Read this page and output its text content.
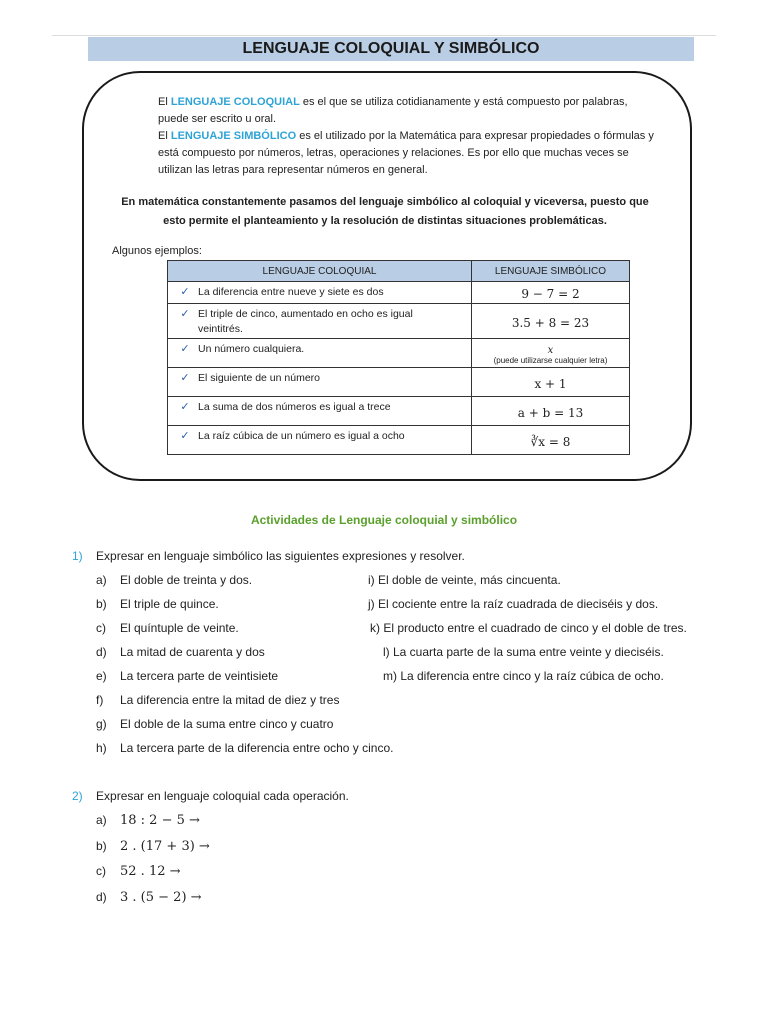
LENGUAJE COLOQUIAL Y SIMBÓLICO

El LENGUAJE COLOQUIAL es el que se utiliza cotidianamente y está compuesto por palabras, puede ser escrito u oral.

El LENGUAJE SIMBÓLICO es el utilizado por la Matemática para expresar propiedades o fórmulas y está compuesto por números, letras, operaciones y relaciones. Es por ello que muchas veces se utilizan las letras para representar números en general.

En matemática constantemente pasamos del lenguaje simbólico al coloquial y viceversa, puesto que esto permite el planteamiento y la resolución de distintas situaciones problemáticas.
Algunos ejemplos:
LENGUAJE COLOQUIAL	LENGUAJE SIMBÓLICO
✓ La diferencia entre nueve y siete es dos	9 − 7 = 2
✓ El triple de cinco, aumentado en ocho es igual veintitrés.	3.5 + 8 = 23
✓ Un número cualquiera.	x
(puede utilizarse cualquier letra)

✓ El siguiente de un número	x + 1
✓ La suma de dos números es igual a trece	a + b = 13
✓ La raíz cúbica de un número es igual a ocho	∛x = 8
Actividades de Lenguaje coloquial y simbólico
1) Expresar en lenguaje simbólico las siguientes expresiones y resolver.
a) El doble de treinta y dos.
b) El triple de quince.
c) El quíntuple de veinte.
d) La mitad de cuarenta y dos
e) La tercera parte de veintisiete
f) La diferencia entre la mitad de diez y tres
g) El doble de la suma entre cinco y cuatro
h) La tercera parte de la diferencia entre ocho y cinco.
i) El doble de veinte, más cincuenta.
j) El cociente entre la raíz cuadrada de dieciséis y dos.
k) El producto entre el cuadrado de cinco y el doble de tres.
l) La cuarta parte de la suma entre veinte y dieciséis.
m) La diferencia entre cinco y la raíz cúbica de ocho.
2) Expresar en lenguaje coloquial cada operación.
a) 18 : 2 − 5 →
b) 2 . (17 + 3) →
c) 52 . 12 →
d) 3 . (5 − 2) →
